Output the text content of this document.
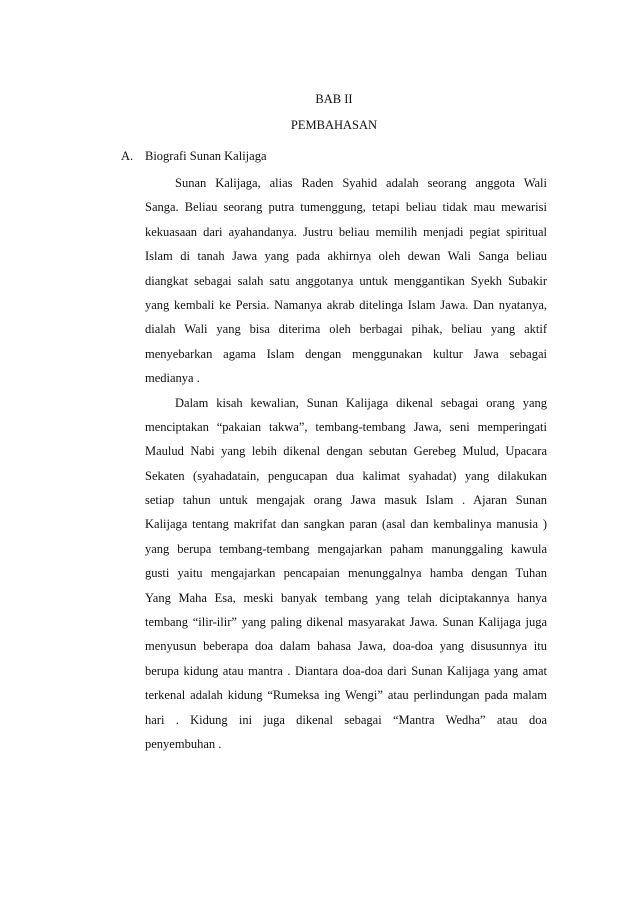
BAB II
PEMBAHASAN
A. Biografi Sunan Kalijaga
Sunan Kalijaga, alias Raden Syahid adalah seorang anggota Wali
Sanga. Beliau seorang putra tumenggung, tetapi beliau tidak mau mewarisi
kekuasaan dari ayahandanya. Justru beliau memilih menjadi pegiat spiritual
Islam di tanah Jawa yang pada akhirnya oleh dewan Wali Sanga beliau
diangkat sebagai salah satu anggotanya untuk menggantikan Syekh Subakir
yang kembali ke Persia. Namanya akrab ditelinga Islam Jawa. Dan nyatanya,
dialah Wali yang bisa diterima oleh berbagai pihak, beliau yang aktif
menyebarkan agama Islam dengan menggunakan kultur Jawa sebagai
medianya .
Dalam kisah kewalian, Sunan Kalijaga dikenal sebagai orang yang
menciptakan “pakaian takwa”, tembang-tembang Jawa, seni memperingati
Maulud Nabi yang lebih dikenal dengan sebutan Gerebeg Mulud, Upacara
Sekaten (syahadatain, pengucapan dua kalimat syahadat) yang dilakukan
setiap tahun untuk mengajak orang Jawa masuk Islam . Ajaran Sunan
Kalijaga tentang makrifat dan sangkan paran (asal dan kembalinya manusia )
yang berupa tembang-tembang mengajarkan paham manunggaling kawula
gusti yaitu mengajarkan pencapaian menunggalnya hamba dengan Tuhan
Yang Maha Esa, meski banyak tembang yang telah diciptakannya hanya
tembang “ilir-ilir” yang paling dikenal masyarakat Jawa. Sunan Kalijaga juga
menyusun beberapa doa dalam bahasa Jawa, doa-doa yang disusunnya itu
berupa kidung atau mantra . Diantara doa-doa dari Sunan Kalijaga yang amat
terkenal adalah kidung “Rumeksa ing Wengi” atau perlindungan pada malam
hari . Kidung ini juga dikenal sebagai “Mantra Wedha” atau doa
penyembuhan .
